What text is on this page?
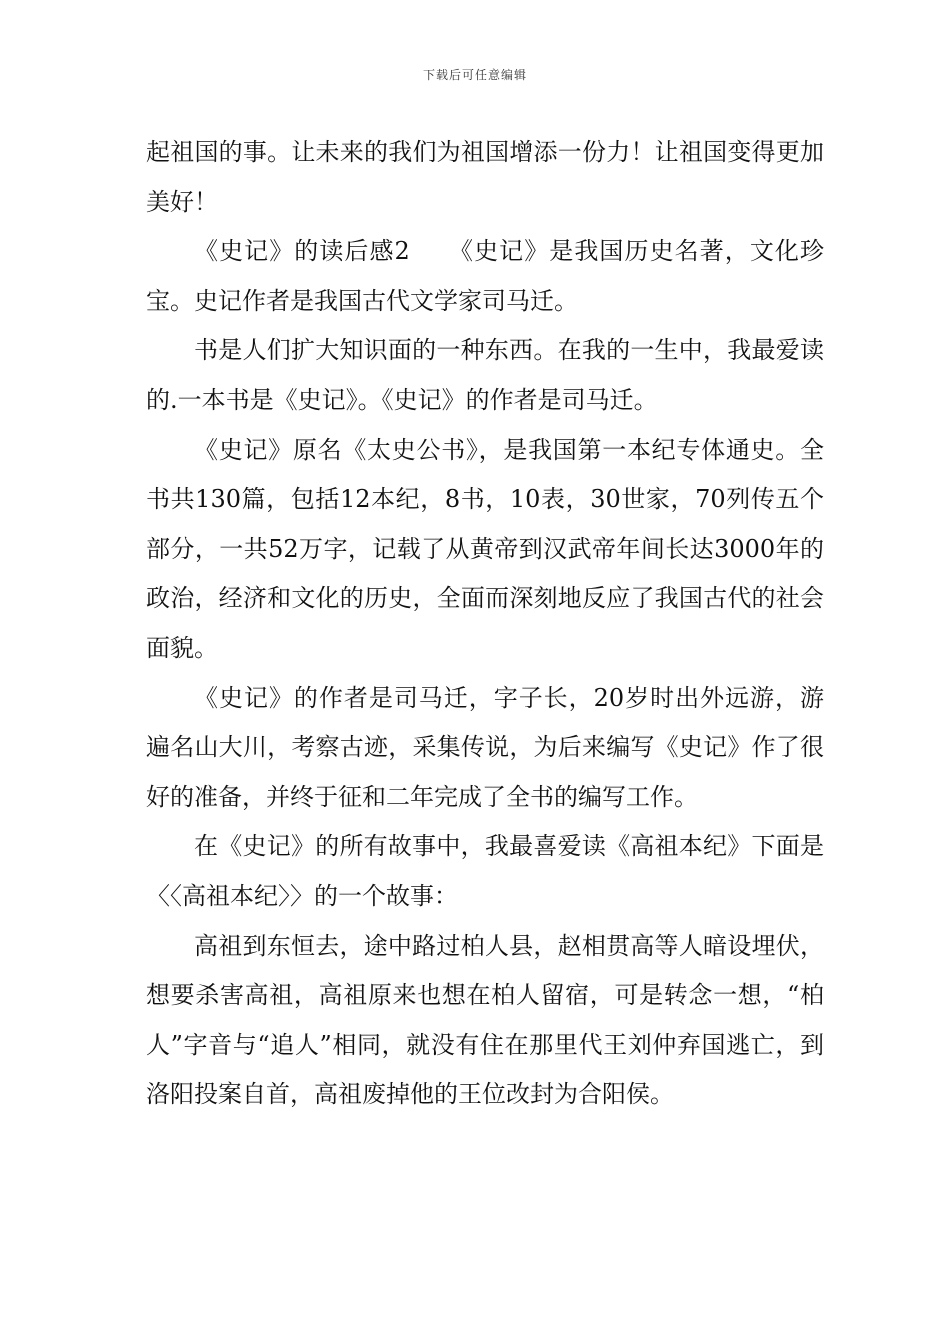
下载后可任意编辑

起祖国的事。让未来的我们为祖国增添一份力！让祖国变得更加美好！

《史记》的读后感2　　《史记》是我国历史名著，文化珍宝。史记作者是我国古代文学家司马迁。

书是人们扩大知识面的一种东西。在我的一生中，我最爱读的.一本书是《史记》。《史记》的作者是司马迁。

《史记》原名《太史公书》，是我国第一本纪专体通史。全书共130篇，包括12本纪，8书，10表，30世家，70列传五个部分，一共52万字，记载了从黄帝到汉武帝年间长达3000年的政治，经济和文化的历史，全面而深刻地反应了我国古代的社会面貌。

《史记》的作者是司马迁，字子长，20岁时出外远游，游遍名山大川，考察古迹，采集传说，为后来编写《史记》作了很好的准备，并终于征和二年完成了全书的编写工作。

在《史记》的所有故事中，我最喜爱读《高祖本纪》下面是〈〈高祖本纪〉〉的一个故事：

高祖到东恒去，途中路过柏人县，赵相贯高等人暗设埋伏，想要杀害高祖，高祖原来也想在柏人留宿，可是转念一想，“柏人”字音与“追人”相同，就没有住在那里代王刘仲弃国逃亡，到洛阳投案自首，高祖废掉他的王位改封为合阳侯。
